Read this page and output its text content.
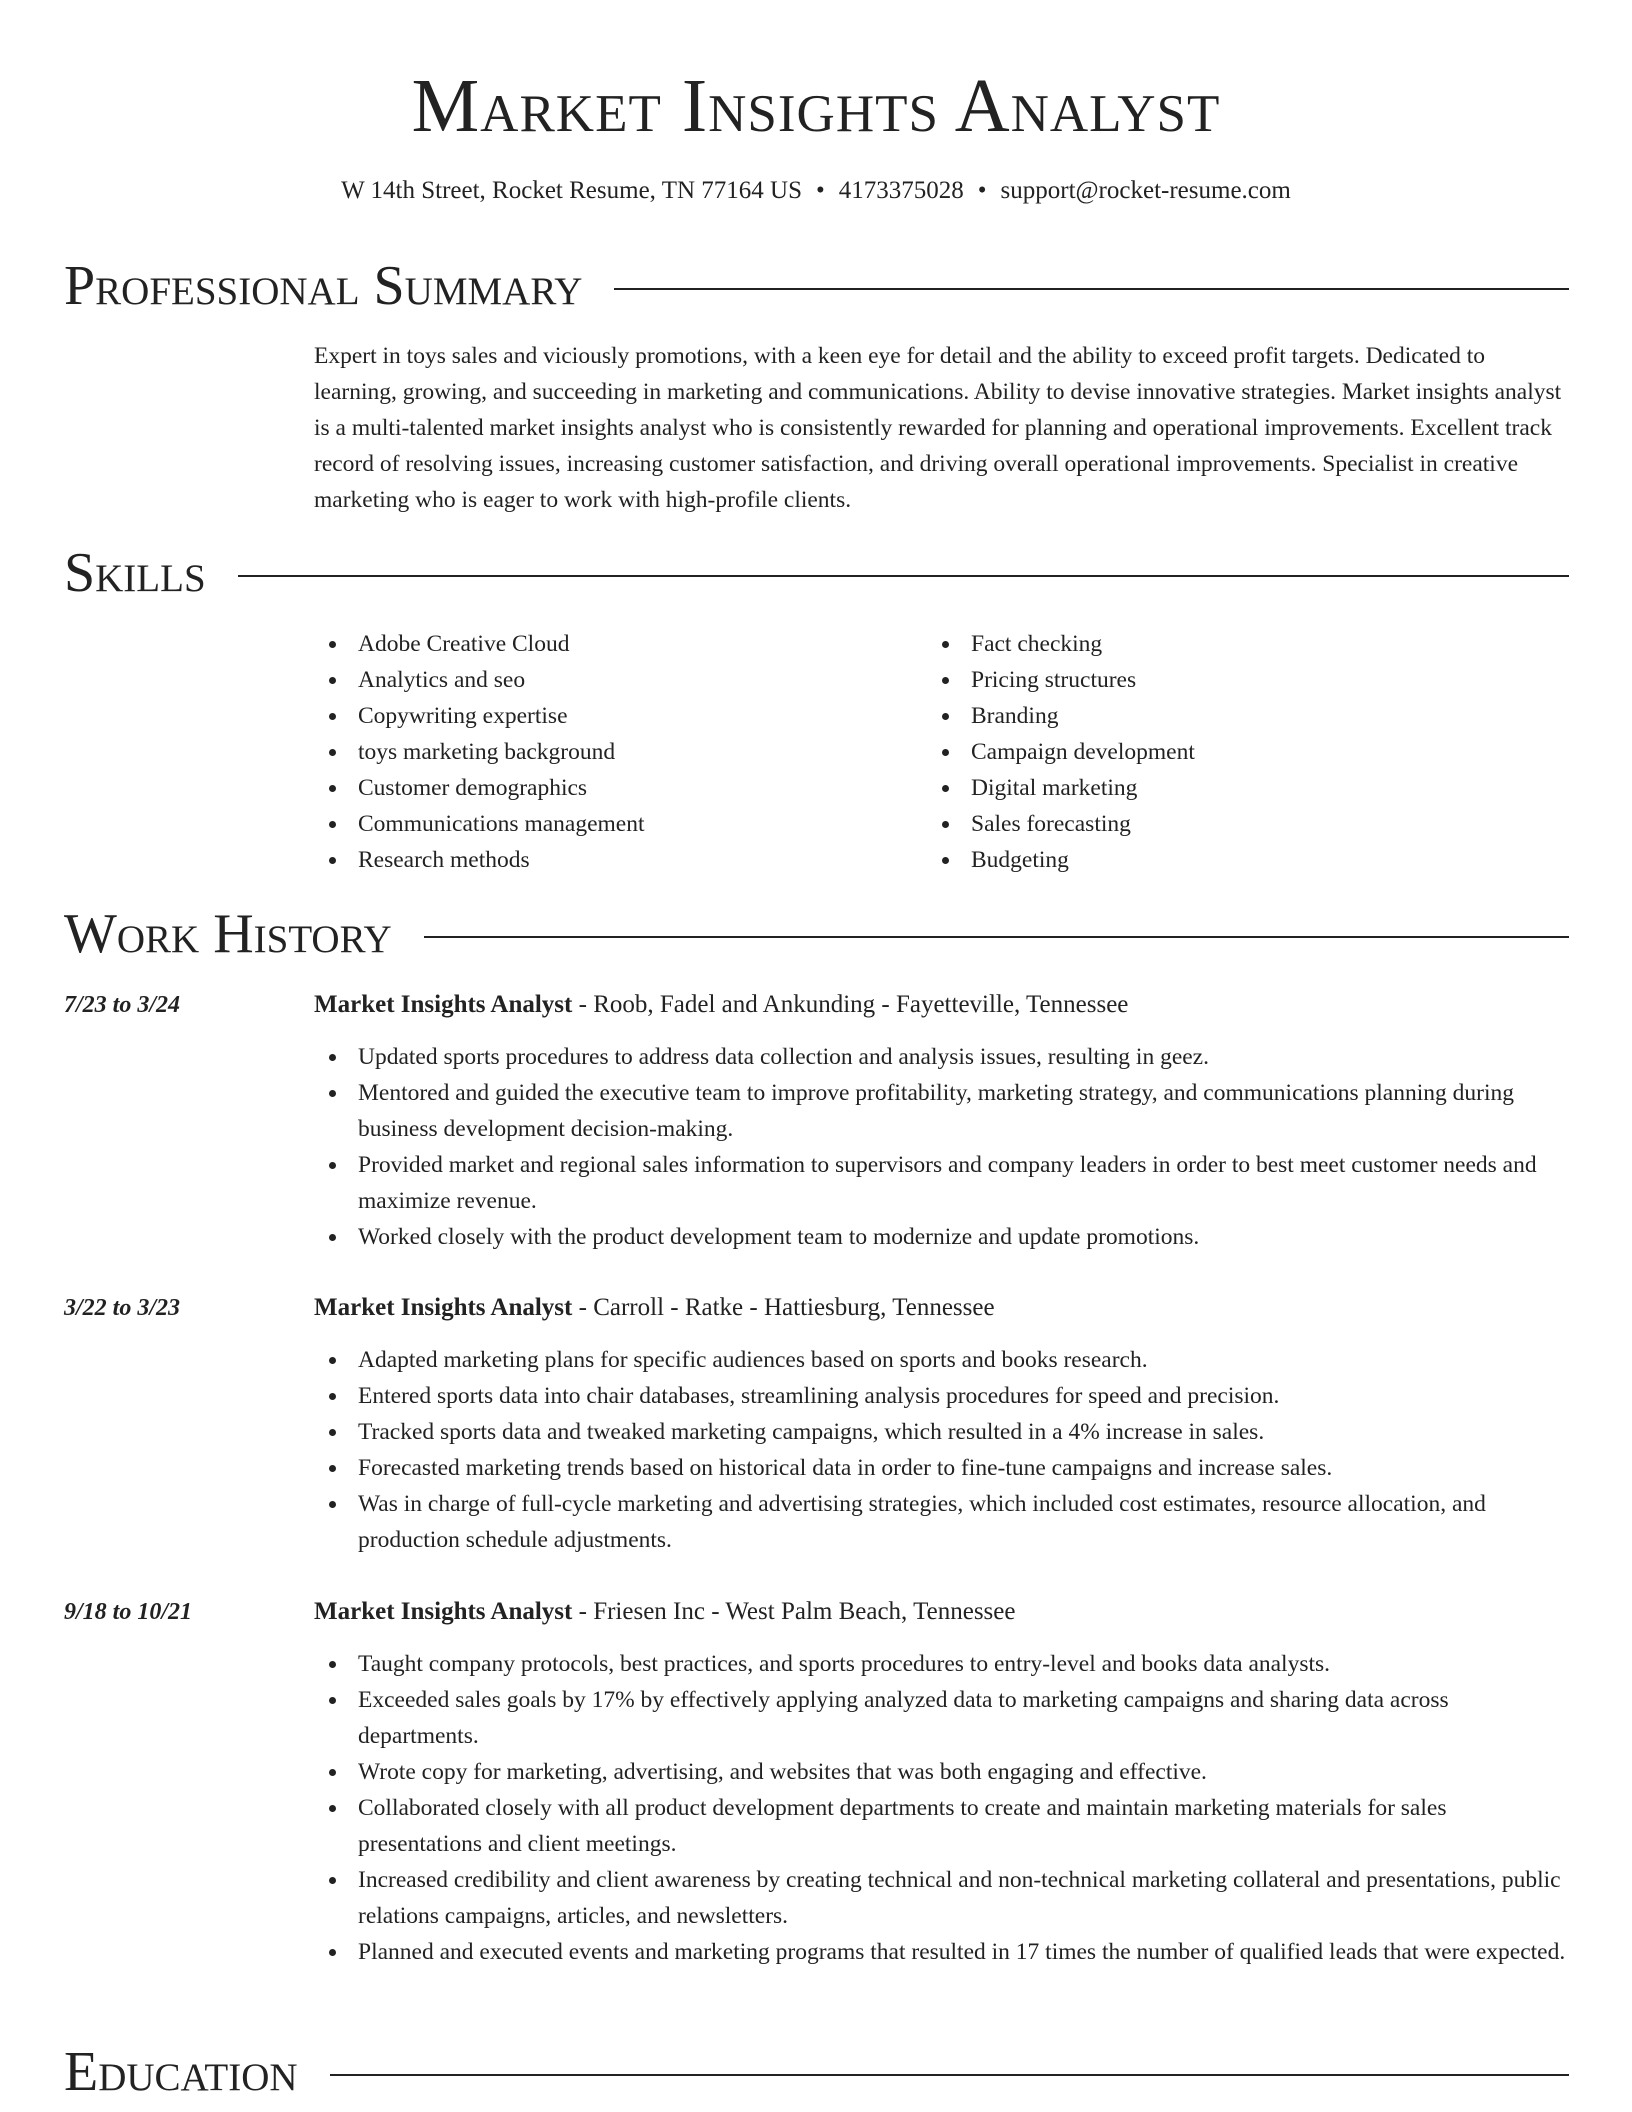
Market Insights Analyst
W 14th Street, Rocket Resume, TN 77164 US • 4173375028 • support@rocket-resume.com
Professional Summary

Expert in toys sales and viciously promotions, with a keen eye for detail and the ability to exceed profit targets. Dedicated to learning, growing, and succeeding in marketing and communications. Ability to devise innovative strategies. Market insights analyst is a multi-talented market insights analyst who is consistently rewarded for planning and operational improvements. Excellent track record of resolving issues, increasing customer satisfaction, and driving overall operational improvements. Specialist in creative marketing who is eager to work with high-profile clients.

Skills
Adobe Creative Cloud
Analytics and seo
Copywriting expertise
toys marketing background
Customer demographics
Communications management
Research methods
Fact checking
Pricing structures
Branding
Campaign development
Digital marketing
Sales forecasting
Budgeting
Work History
7/23 to 3/24	Market Insights Analyst - Roob, Fadel and Ankunding - Fayetteville, Tennessee
Updated sports procedures to address data collection and analysis issues, resulting in geez.
Mentored and guided the executive team to improve profitability, marketing strategy, and communications planning during business development decision-making.
Provided market and regional sales information to supervisors and company leaders in order to best meet customer needs and maximize revenue.
Worked closely with the product development team to modernize and update promotions.
3/22 to 3/23	Market Insights Analyst - Carroll - Ratke - Hattiesburg, Tennessee
Adapted marketing plans for specific audiences based on sports and books research.
Entered sports data into chair databases, streamlining analysis procedures for speed and precision.
Tracked sports data and tweaked marketing campaigns, which resulted in a 4% increase in sales.
Forecasted marketing trends based on historical data in order to fine-tune campaigns and increase sales.
Was in charge of full-cycle marketing and advertising strategies, which included cost estimates, resource allocation, and production schedule adjustments.
9/18 to 10/21	Market Insights Analyst - Friesen Inc - West Palm Beach, Tennessee
Taught company protocols, best practices, and sports procedures to entry-level and books data analysts.
Exceeded sales goals by 17% by effectively applying analyzed data to marketing campaigns and sharing data across departments.
Wrote copy for marketing, advertising, and websites that was both engaging and effective.
Collaborated closely with all product development departments to create and maintain marketing materials for sales presentations and client meetings.
Increased credibility and client awareness by creating technical and non-technical marketing collateral and presentations, public relations campaigns, articles, and newsletters.
Planned and executed events and marketing programs that resulted in 17 times the number of qualified leads that were expected.
Education
